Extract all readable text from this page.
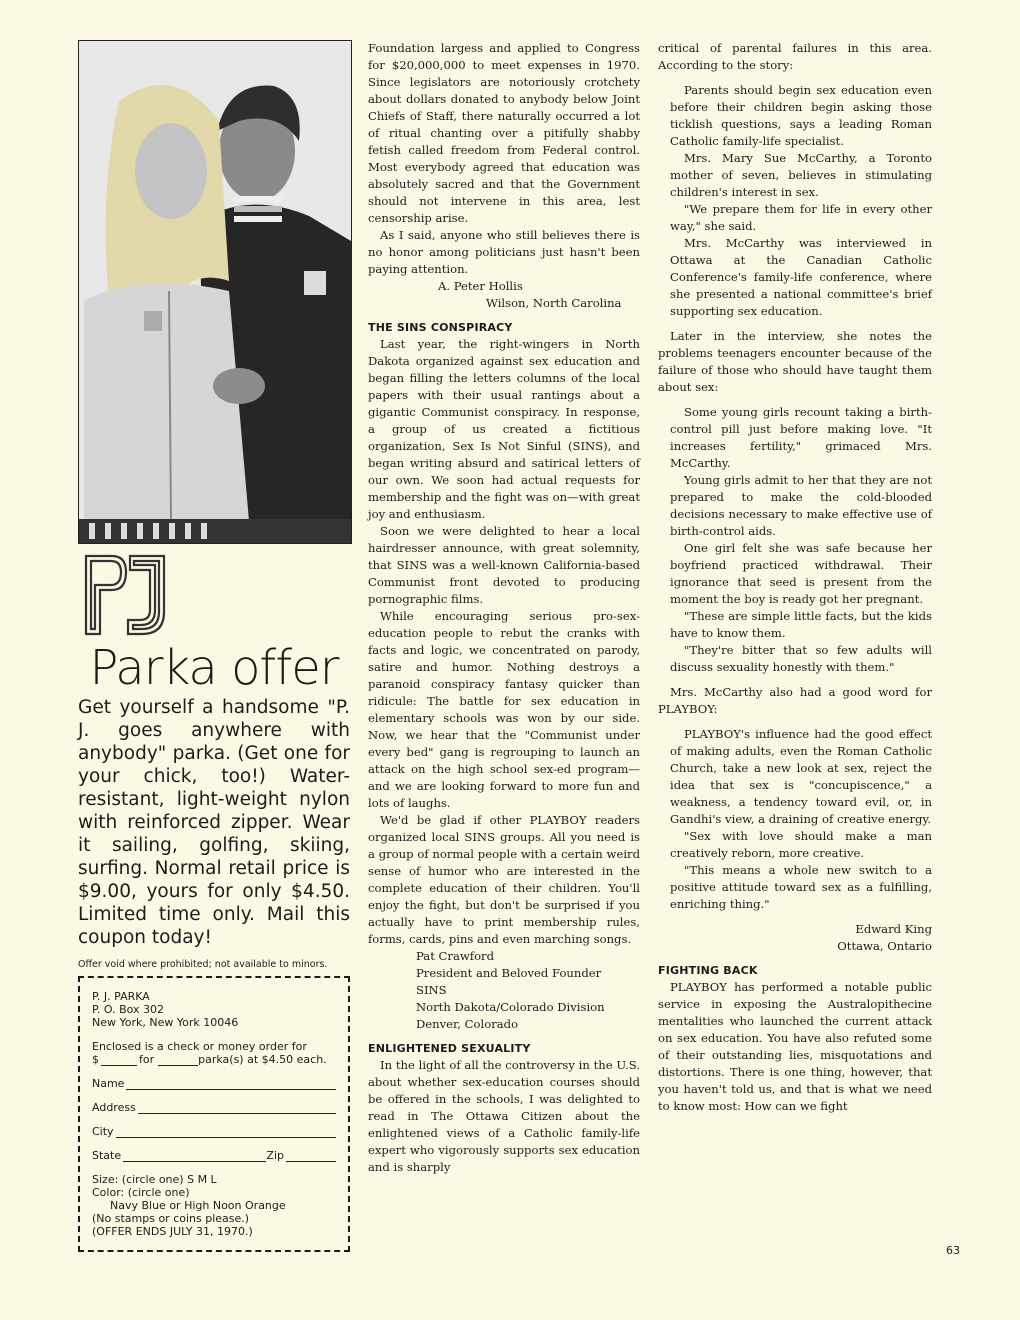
Parka offer

Get yourself a handsome "P. J. goes anywhere with anybody" parka. (Get one for your chick, too!) Water-resistant, light-weight nylon with reinforced zipper. Wear it sailing, golfing, skiing, surfing. Normal retail price is $9.00, yours for only $4.50. Limited time only. Mail this coupon today!

Offer void where prohibited; not available to minors.

P. J. PARKA

P. O. Box 302

New York, New York 10046

Enclosed is a check or money order for

$	for	parka(s) at $4.50 each.
Name
Address
City
State	Zip

Size: (circle one) S M L

Color: (circle one)

Navy Blue or High Noon Orange

(No stamps or coins please.)

(OFFER ENDS JULY 31, 1970.)

Foundation largess and applied to Congress for $20,000,000 to meet expenses in 1970. Since legislators are notoriously crotchety about dollars donated to anybody below Joint Chiefs of Staff, there naturally occurred a lot of ritual chanting over a pitifully shabby fetish called freedom from Federal control. Most everybody agreed that education was absolutely sacred and that the Government should not intervene in this area, lest censorship arise.

As I said, anyone who still believes there is no honor among politicians just hasn't been paying attention.

A. Peter Hollis

Wilson, North Carolina

THE SINS CONSPIRACY

Last year, the right-wingers in North Dakota organized against sex education and began filling the letters columns of the local papers with their usual rantings about a gigantic Communist conspiracy. In response, a group of us created a fictitious organization, Sex Is Not Sinful (SINS), and began writing absurd and satirical letters of our own. We soon had actual requests for membership and the fight was on—with great joy and enthusiasm.

Soon we were delighted to hear a local hairdresser announce, with great solemnity, that SINS was a well-known California-based Communist front devoted to producing pornographic films.

While encouraging serious pro-sex-education people to rebut the cranks with facts and logic, we concentrated on parody, satire and humor. Nothing destroys a paranoid conspiracy fantasy quicker than ridicule: The battle for sex education in elementary schools was won by our side. Now, we hear that the "Communist under every bed" gang is regrouping to launch an attack on the high school sex-ed program—and we are looking forward to more fun and lots of laughs.

We'd be glad if other PLAYBOY readers organized local SINS groups. All you need is a group of normal people with a certain weird sense of humor who are interested in the complete education of their children. You'll enjoy the fight, but don't be surprised if you actually have to print membership rules, forms, cards, pins and even marching songs.

Pat Crawford

President and Beloved Founder

SINS

North Dakota/Colorado Division

Denver, Colorado

ENLIGHTENED SEXUALITY

In the light of all the controversy in the U.S. about whether sex-education courses should be offered in the schools, I was delighted to read in The Ottawa Citizen about the enlightened views of a Catholic family-life expert who vigorously supports sex education and is sharply

critical of parental failures in this area. According to the story:

Parents should begin sex education even before their children begin asking those ticklish questions, says a leading Roman Catholic family-life specialist.

Mrs. Mary Sue McCarthy, a Toronto mother of seven, believes in stimulating children's interest in sex.

"We prepare them for life in every other way," she said.

Mrs. McCarthy was interviewed in Ottawa at the Canadian Catholic Conference's family-life conference, where she presented a national committee's brief supporting sex education.

Later in the interview, she notes the problems teenagers encounter because of the failure of those who should have taught them about sex:

Some young girls recount taking a birth-control pill just before making love. "It increases fertility," grimaced Mrs. McCarthy.

Young girls admit to her that they are not prepared to make the cold-blooded decisions necessary to make effective use of birth-control aids.

One girl felt she was safe because her boyfriend practiced withdrawal. Their ignorance that seed is present from the moment the boy is ready got her pregnant.

"These are simple little facts, but the kids have to know them.

"They're bitter that so few adults will discuss sexuality honestly with them."

Mrs. McCarthy also had a good word for PLAYBOY:

PLAYBOY's influence had the good effect of making adults, even the Roman Catholic Church, take a new look at sex, reject the idea that sex is "concupiscence," a weakness, a tendency toward evil, or, in Gandhi's view, a draining of creative energy.

"Sex with love should make a man creatively reborn, more creative.

"This means a whole new switch to a positive attitude toward sex as a fulfilling, enriching thing."

Edward King

Ottawa, Ontario

FIGHTING BACK

PLAYBOY has performed a notable public service in exposing the Australopithecine mentalities who launched the current attack on sex education. You have also refuted some of their outstanding lies, misquotations and distortions. There is one thing, however, that you haven't told us, and that is what we need to know most: How can we fight

63
